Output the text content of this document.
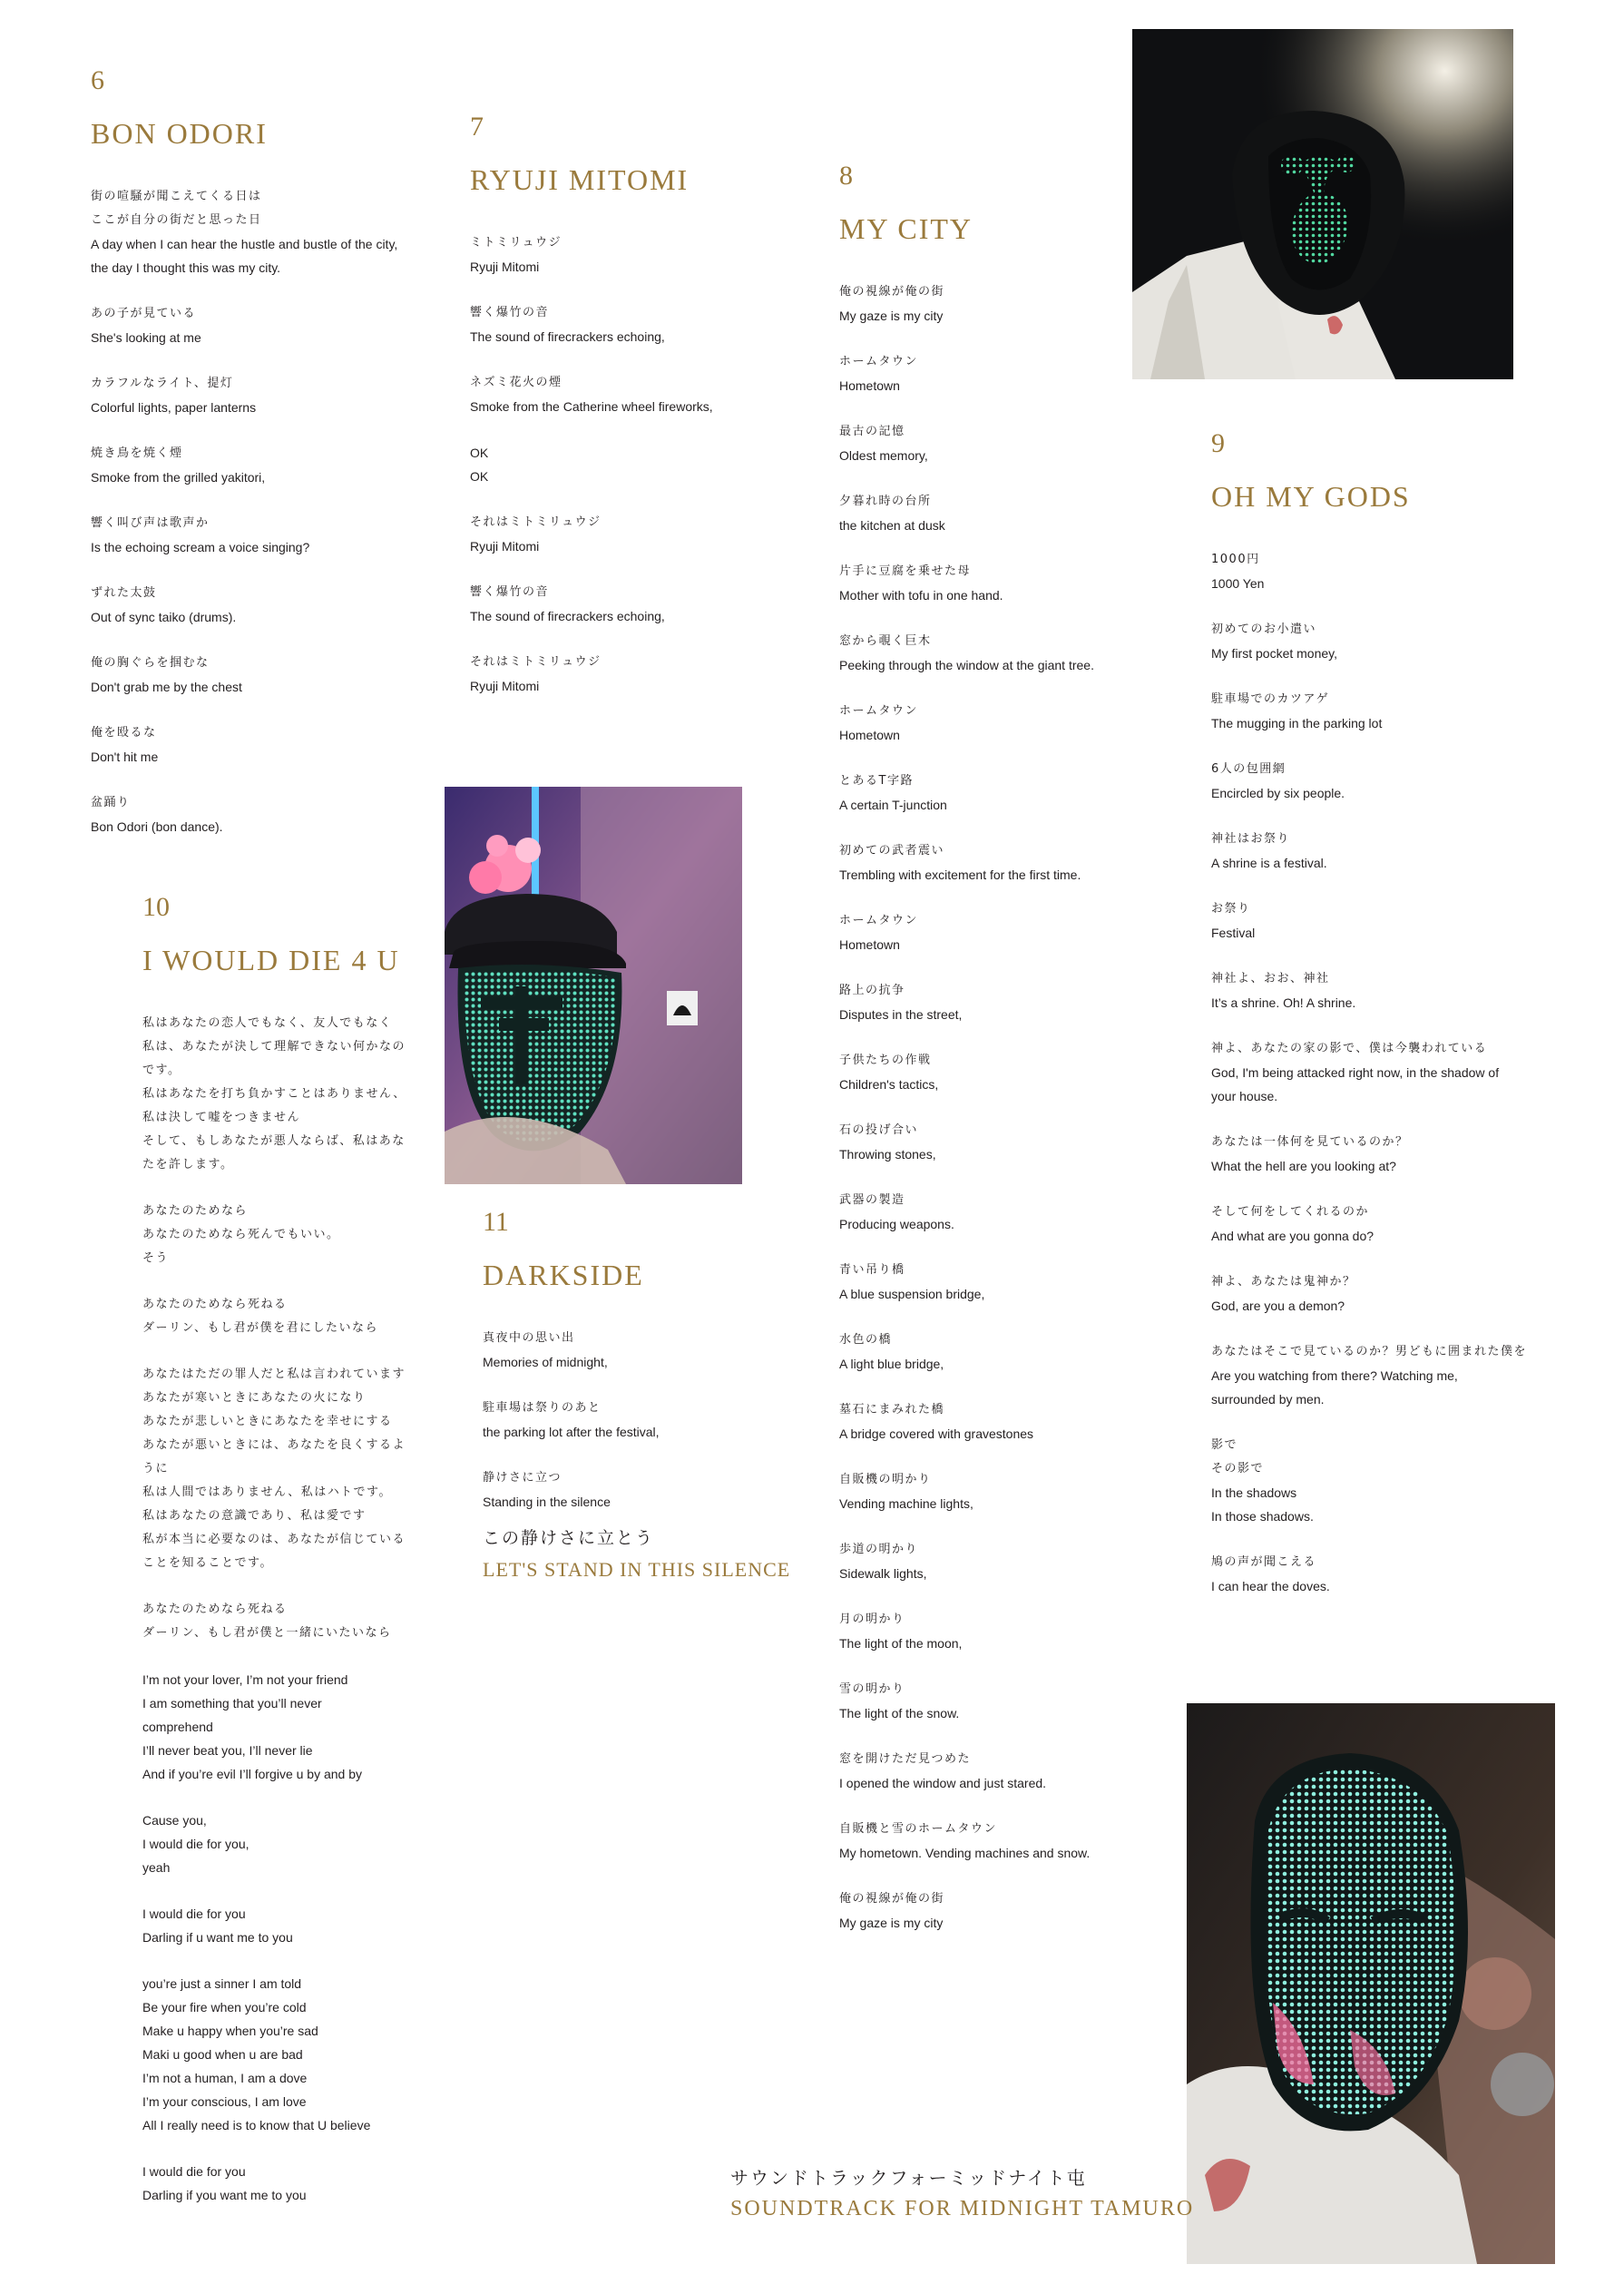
6
BON ODORI
街の喧騒が聞こえてくる日は
ここが自分の街だと思った日
A day when I can hear the hustle and bustle of the city,
the day I thought this was my city.
あの子が見ている
She's looking at me
カラフルなライト、提灯
Colorful lights, paper lanterns
焼き鳥を焼く煙
Smoke from the grilled yakitori,
響く叫び声は歌声か
Is the echoing scream a voice singing?
ずれた太鼓
Out of sync taiko (drums).
俺の胸ぐらを掴むな
Don't grab me by the chest
俺を殴るな
Don't hit me
盆踊り
Bon Odori (bon dance).
7
RYUJI MITOMI
ミトミリュウジ
Ryuji Mitomi
響く爆竹の音
The sound of firecrackers echoing,
ネズミ花火の煙
Smoke from the Catherine wheel fireworks,
OK
OK
それはミトミリュウジ
Ryuji Mitomi
響く爆竹の音
The sound of firecrackers echoing,
それはミトミリュウジ
Ryuji Mitomi
8
MY CITY
俺の視線が俺の街
My gaze is my city
ホームタウン
Hometown
最古の記憶
Oldest memory,
夕暮れ時の台所
the kitchen at dusk
片手に豆腐を乗せた母
Mother with tofu in one hand.
窓から覗く巨木
Peeking through the window at the giant tree.
ホームタウン
Hometown
とあるT字路
A certain T-junction
初めての武者震い
Trembling with excitement for the first time.
ホームタウン
Hometown
路上の抗争
Disputes in the street,
子供たちの作戦
Children's tactics,
石の投げ合い
Throwing stones,
武器の製造
Producing weapons.
青い吊り橋
A blue suspension bridge,
水色の橋
A light blue bridge,
墓石にまみれた橋
A bridge covered with gravestones
自販機の明かり
Vending machine lights,
歩道の明かり
Sidewalk lights,
月の明かり
The light of the moon,
雪の明かり
The light of the snow.
窓を開けただ見つめた
I opened the window and just stared.
自販機と雪のホームタウン
My hometown. Vending machines and snow.
俺の視線が俺の街
My gaze is my city
9
OH MY GODS
1000円
1000 Yen
初めてのお小遣い
My first pocket money,
駐車場でのカツアゲ
The mugging in the parking lot
6人の包囲網
Encircled by six people.
神社はお祭り
A shrine is a festival.
お祭り
Festival
神社よ、おお、神社
It’s a shrine. Oh! A shrine.
神よ、あなたの家の影で、僕は今襲われている
God, I'm being attacked right now, in the shadow of
your house.
あなたは一体何を見ているのか？
What the hell are you looking at?
そして何をしてくれるのか
And what are you gonna do?
神よ、あなたは鬼神か？
God, are you a demon?
あなたはそこで見ているのか？男どもに囲まれた僕を
Are you watching from there? Watching me,
surrounded by men.
影で
その影で
In the shadows
In those shadows.
鳩の声が聞こえる
I can hear the doves.
10
I WOULD DIE 4 U
私はあなたの恋人でもなく、友人でもなく
私は、あなたが決して理解できない何かなの
です。
私はあなたを打ち負かすことはありません、
私は決して嘘をつきません
そして、もしあなたが悪人ならば、私はあな
たを許します。
あなたのためなら
あなたのためなら死んでもいい。
そう
あなたのためなら死ねる
ダーリン、もし君が僕を君にしたいなら
あなたはただの罪人だと私は言われています
あなたが寒いときにあなたの火になり
あなたが悲しいときにあなたを幸せにする
あなたが悪いときには、あなたを良くするよ
うに
私は人間ではありません、私はハトです。
私はあなたの意識であり、私は愛です
私が本当に必要なのは、あなたが信じている
ことを知ることです。
あなたのためなら死ねる
ダーリン、もし君が僕と一緒にいたいなら
I’m not your lover, I’m not your friend
I am something that you’ll never
comprehend
I’ll never beat you, I’ll never lie
And if you’re evil I’ll forgive u by and by
Cause you,
I would die for you,
yeah
I would die for you
Darling if u want me to you
you’re just a sinner I am told
Be your fire when you’re cold
Make u happy when you’re sad
Maki u good when u are bad
I’m not a human, I am a dove
I’m your conscious, I am love
All I really need is to know that U believe
I would die for you
Darling if you want me to you
11
DARKSIDE
真夜中の思い出
Memories of midnight,
駐車場は祭りのあと
the parking lot after the festival,
静けさに立つ
Standing in the silence
この静けさに立とう
LET'S STAND IN THIS SILENCE
サウンドトラックフォーミッドナイト屯
SOUNDTRACK FOR MIDNIGHT TAMURO
